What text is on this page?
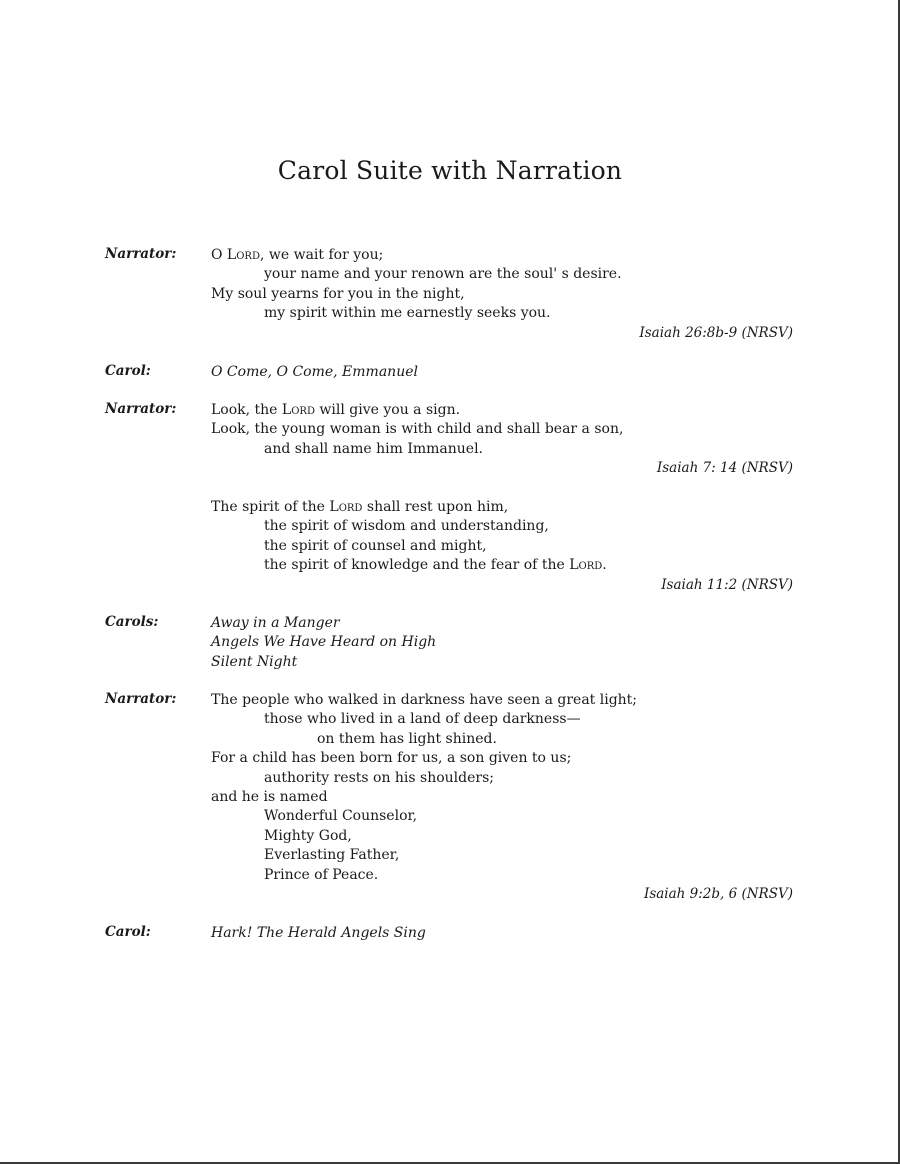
Carol Suite with Narration
Narrator: O Lord, we wait for you;
your name and your renown are the soul' s desire.
My soul yearns for you in the night,
my spirit within me earnestly seeks you.
Isaiah 26:8b-9 (NRSV)
Carol:	O Come, O Come, Emmanuel
Narrator: Look, the Lord will give you a sign.
Look, the young woman is with child and shall bear a son,
and shall name him Immanuel.
Isaiah 7: 14 (NRSV)
The spirit of the Lord shall rest upon him,
the spirit of wisdom and understanding,
the spirit of counsel and might,
the spirit of knowledge and the fear of the Lord.
Isaiah 11:2 (NRSV)
Carols:	Away in a Manger
Angels We Have Heard on High
Silent Night
Narrator: The people who walked in darkness have seen a great light;
those who lived in a land of deep darkness—
on them has light shined.
For a child has been born for us, a son given to us;
authority rests on his shoulders;
and he is named
Wonderful Counselor,
Mighty God,
Everlasting Father,
Prince of Peace.
Isaiah 9:2b, 6 (NRSV)
Carol:	Hark! The Herald Angels Sing
